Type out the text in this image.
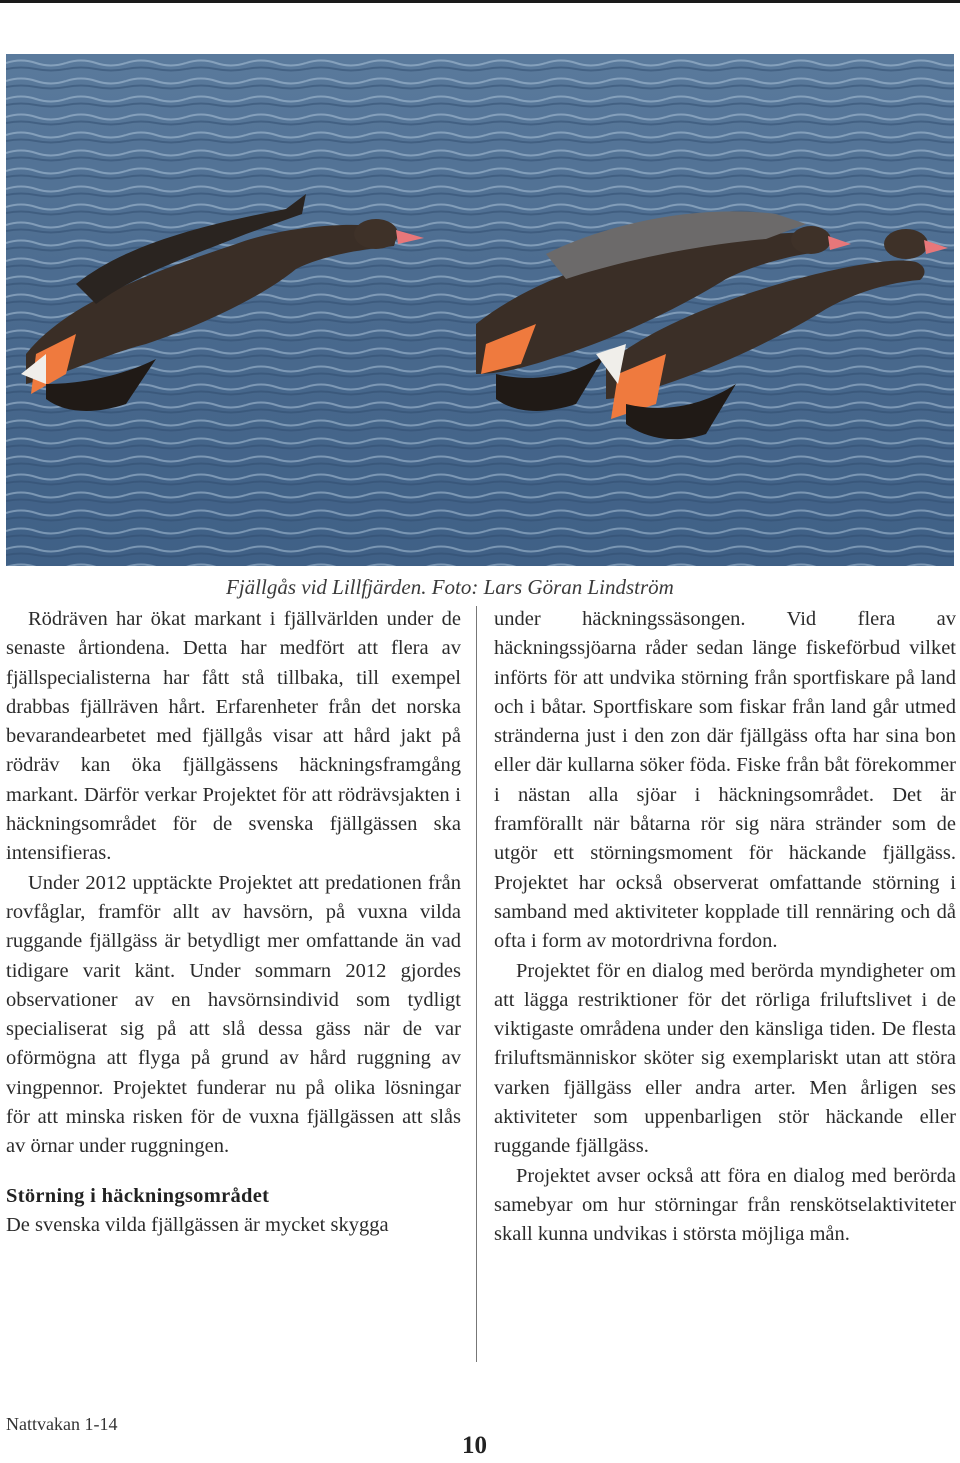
Fjällgås vid Lillfjärden. Foto: Lars Göran Lindström

Rödräven har ökat markant i fjällvärlden under de senaste årtiondena. Detta har medfört att flera av fjällspecialisterna har fått stå tillbaka, till exempel drabbas fjällräven hårt. Erfarenheter från det norska bevarandearbetet med fjällgås visar att hård jakt på rödräv kan öka fjällgässens häckningsframgång markant. Därför verkar Projektet för att rödrävsjakten i häckningsområdet för de svenska fjällgässen ska intensifieras.

Under 2012 upptäckte Projektet att predationen från rovfåglar, framför allt av havsörn, på vuxna vilda ruggande fjällgäss är betydligt mer omfattande än vad tidigare varit känt. Under sommarn 2012 gjordes observationer av en havsörnsindivid som tydligt specialiserat sig på att slå dessa gäss när de var oförmögna att flyga på grund av hård ruggning av vingpennor. Projektet funderar nu på olika lösningar för att minska risken för de vuxna fjällgässen att slås av örnar under ruggningen.

Störning i häckningsområdet

De svenska vilda fjällgässen är mycket skygga

under häckningssäsongen. Vid flera av häckningssjöarna råder sedan länge fiskeförbud vilket införts för att undvika störning från sportfiskare på land och i båtar. Sportfiskare som fiskar från land går utmed stränderna just i den zon där fjällgäss ofta har sina bon eller där kullarna söker föda. Fiske från båt förekommer i nästan alla sjöar i häckningsområdet. Det är framförallt när båtarna rör sig nära stränder som de utgör ett störningsmoment för häckande fjällgäss. Projektet har också observerat omfattande störning i samband med aktiviteter kopplade till rennäring och då ofta i form av motordrivna fordon.

Projektet för en dialog med berörda myndigheter om att lägga restriktioner för det rörliga friluftslivet i de viktigaste områdena under den känsliga tiden. De flesta friluftsmänniskor sköter sig exemplariskt utan att störa varken fjällgäss eller andra arter. Men årligen ses aktiviteter som uppenbarligen stör häckande eller ruggande fjällgäss.

Projektet avser också att föra en dialog med berörda samebyar om hur störningar från renskötselaktiviteter skall kunna undvikas i största möjliga mån.

Nattvakan 1-14
10
